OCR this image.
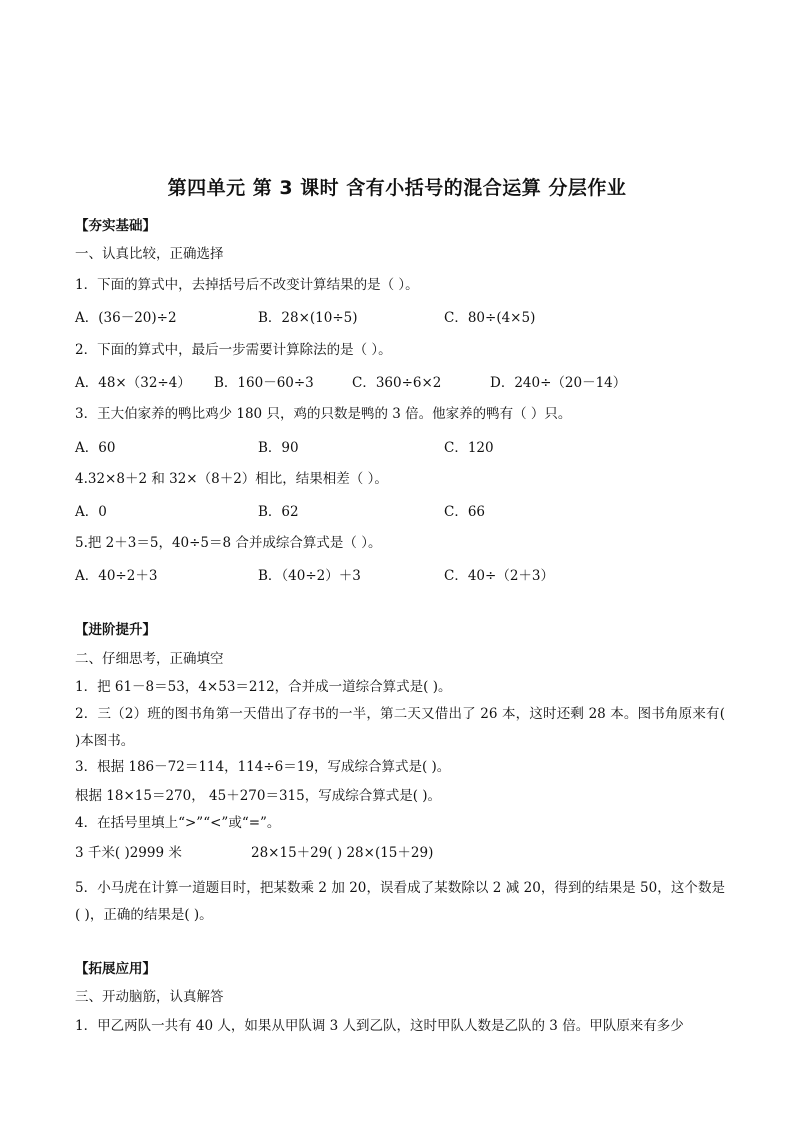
第四单元 第 3 课时 含有小括号的混合运算 分层作业
【夯实基础】
一、认真比较，正确选择
1．下面的算式中，去掉括号后不改变计算结果的是（ ）。
A．(36－20)÷2	B．28×(10÷5)	C．80÷(4×5)
2．下面的算式中，最后一步需要计算除法的是（ ）。
A．48×（32÷4） B．160－60÷3	C．360÷6×2	D．240÷（20－14）
3．王大伯家养的鸭比鸡少 180 只，鸡的只数是鸭的 3 倍。他家养的鸭有（ ）只。
A．60	B．90	C．120
4.32×8＋2 和 32×（8＋2）相比，结果相差（ ）。
A．0	B．62	C．66
5.把 2＋3＝5，40÷5＝8 合并成综合算式是（ ）。
A．40÷2＋3	B．（40÷2）＋3	C．40÷（2＋3）
【进阶提升】
二、仔细思考，正确填空
1．把 61－8＝53，4×53＝212，合并成一道综合算式是( )。
2．三（2）班的图书角第一天借出了存书的一半，第二天又借出了 26 本，这时还剩 28 本。图书角原来有( )本图书。
3．根据 186－72＝114，114÷6＝19，写成综合算式是( )。
根据 18×15＝270， 45＋270＝315，写成综合算式是( )。
4．在括号里填上“>”“<”或“=”。
3 千米( )2999 米	28×15＋29( ) 28×(15＋29)
5．小马虎在计算一道题目时，把某数乘 2 加 20，误看成了某数除以 2 减 20，得到的结果是 50，这个数是( )，正确的结果是( )。
【拓展应用】
三、开动脑筋，认真解答
1．甲乙两队一共有 40 人，如果从甲队调 3 人到乙队，这时甲队人数是乙队的 3 倍。甲队原来有多少
